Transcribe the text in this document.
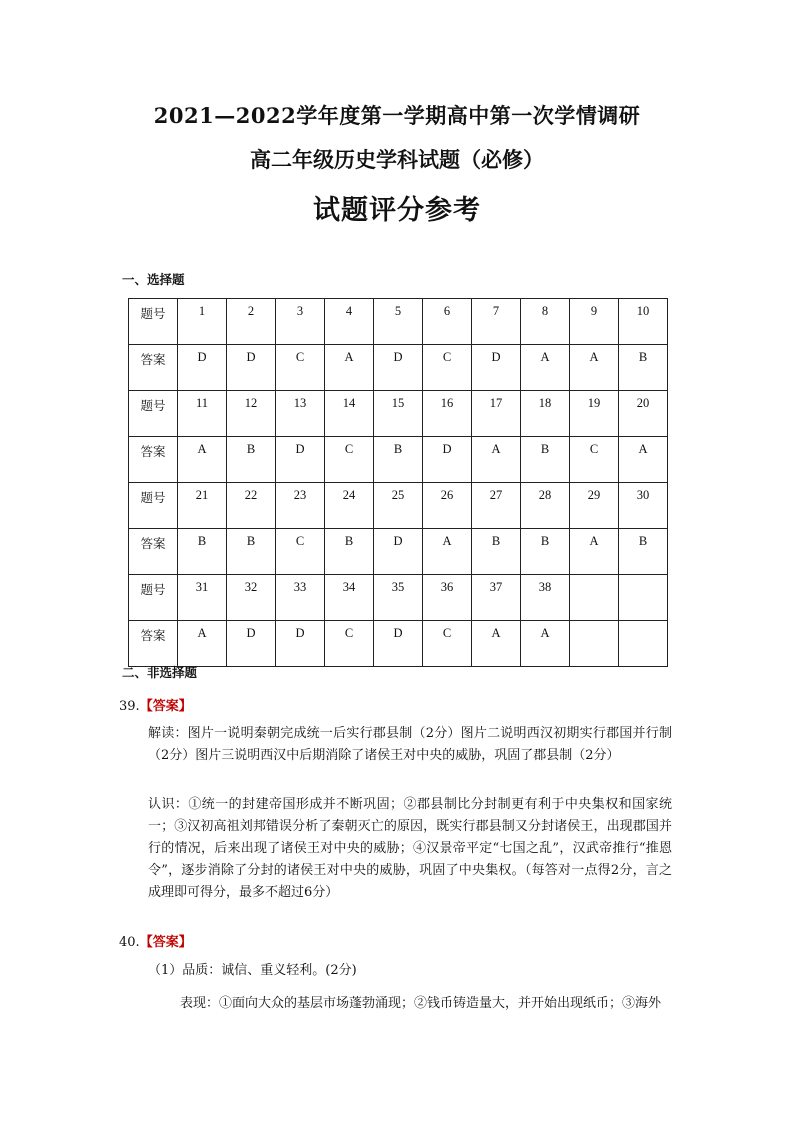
2021—2022学年度第一学期高中第一次学情调研
高二年级历史学科试题（必修）
试题评分参考
一、选择题
题号	1	2	3	4	5	6	7	8	9	10
答案	D	D	C	A	D	C	D	A	A	B
题号	11	12	13	14	15	16	17	18	19	20
答案	A	B	D	C	B	D	A	B	C	A
题号	21	22	23	24	25	26	27	28	29	30
答案	B	B	C	B	D	A	B	B	A	B
题号	31	32	33	34	35	36	37	38		
答案	A	D	D	C	D	C	A	A		
二、非选择题
39.【答案】
解读：图片一说明秦朝完成统一后实行郡县制（2分）图片二说明西汉初期实行郡国并行制（2分）图片三说明西汉中后期消除了诸侯王对中央的威胁，巩固了郡县制（2分）
认识：①统一的封建帝国形成并不断巩固；②郡县制比分封制更有利于中央集权和国家统一；③汉初高祖刘邦错误分析了秦朝灭亡的原因，既实行郡县制又分封诸侯王，出现郡国并行的情况，后来出现了诸侯王对中央的威胁；④汉景帝平定“七国之乱”，汉武帝推行“推恩令”，逐步消除了分封的诸侯王对中央的威胁，巩固了中央集权。（每答对一点得2分，言之成理即可得分，最多不超过6分）
40.【答案】
（1）品质：诚信、重义轻利。(2分)
表现：①面向大众的基层市场蓬勃涌现；②钱币铸造量大，并开始出现纸币；③海外
